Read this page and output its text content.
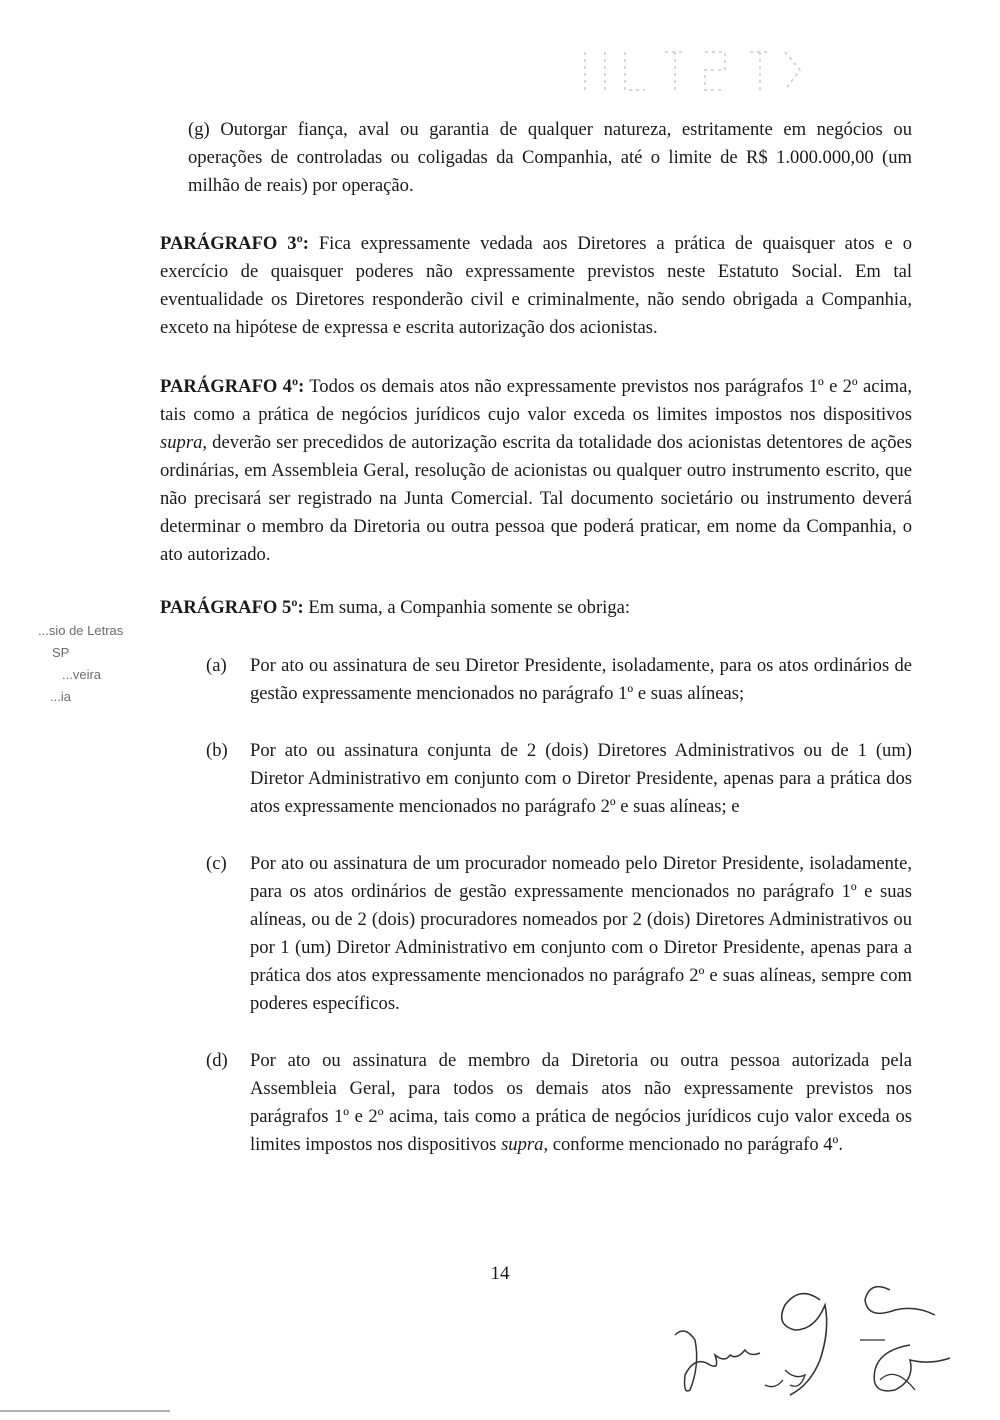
(g) Outorgar fiança, aval ou garantia de qualquer natureza, estritamente em negócios ou operações de controladas ou coligadas da Companhia, até o limite de R$ 1.000.000,00 (um milhão de reais) por operação.

PARÁGRAFO 3º: Fica expressamente vedada aos Diretores a prática de quaisquer atos e o exercício de quaisquer poderes não expressamente previstos neste Estatuto Social. Em tal eventualidade os Diretores responderão civil e criminalmente, não sendo obrigada a Companhia, exceto na hipótese de expressa e escrita autorização dos acionistas.

PARÁGRAFO 4º: Todos os demais atos não expressamente previstos nos parágrafos 1º e 2º acima, tais como a prática de negócios jurídicos cujo valor exceda os limites impostos nos dispositivos supra, deverão ser precedidos de autorização escrita da totalidade dos acionistas detentores de ações ordinárias, em Assembleia Geral, resolução de acionistas ou qualquer outro instrumento escrito, que não precisará ser registrado na Junta Comercial. Tal documento societário ou instrumento deverá determinar o membro da Diretoria ou outra pessoa que poderá praticar, em nome da Companhia, o ato autorizado.

PARÁGRAFO 5º: Em suma, a Companhia somente se obriga:

...sio de Letras
SP
...veira
...ia
(a)	Por ato ou assinatura de seu Diretor Presidente, isoladamente, para os atos ordinários de gestão expressamente mencionados no parágrafo 1º e suas alíneas;
(b)	Por ato ou assinatura conjunta de 2 (dois) Diretores Administrativos ou de 1 (um) Diretor Administrativo em conjunto com o Diretor Presidente, apenas para a prática dos atos expressamente mencionados no parágrafo 2º e suas alíneas; e
(c)	Por ato ou assinatura de um procurador nomeado pelo Diretor Presidente, isoladamente, para os atos ordinários de gestão expressamente mencionados no parágrafo 1º e suas alíneas, ou de 2 (dois) procuradores nomeados por 2 (dois) Diretores Administrativos ou por 1 (um) Diretor Administrativo em conjunto com o Diretor Presidente, apenas para a prática dos atos expressamente mencionados no parágrafo 2º e suas alíneas, sempre com poderes específicos.
(d)	Por ato ou assinatura de membro da Diretoria ou outra pessoa autorizada pela Assembleia Geral, para todos os demais atos não expressamente previstos nos parágrafos 1º e 2º acima, tais como a prática de negócios jurídicos cujo valor exceda os limites impostos nos dispositivos supra, conforme mencionado no parágrafo 4º.
14
